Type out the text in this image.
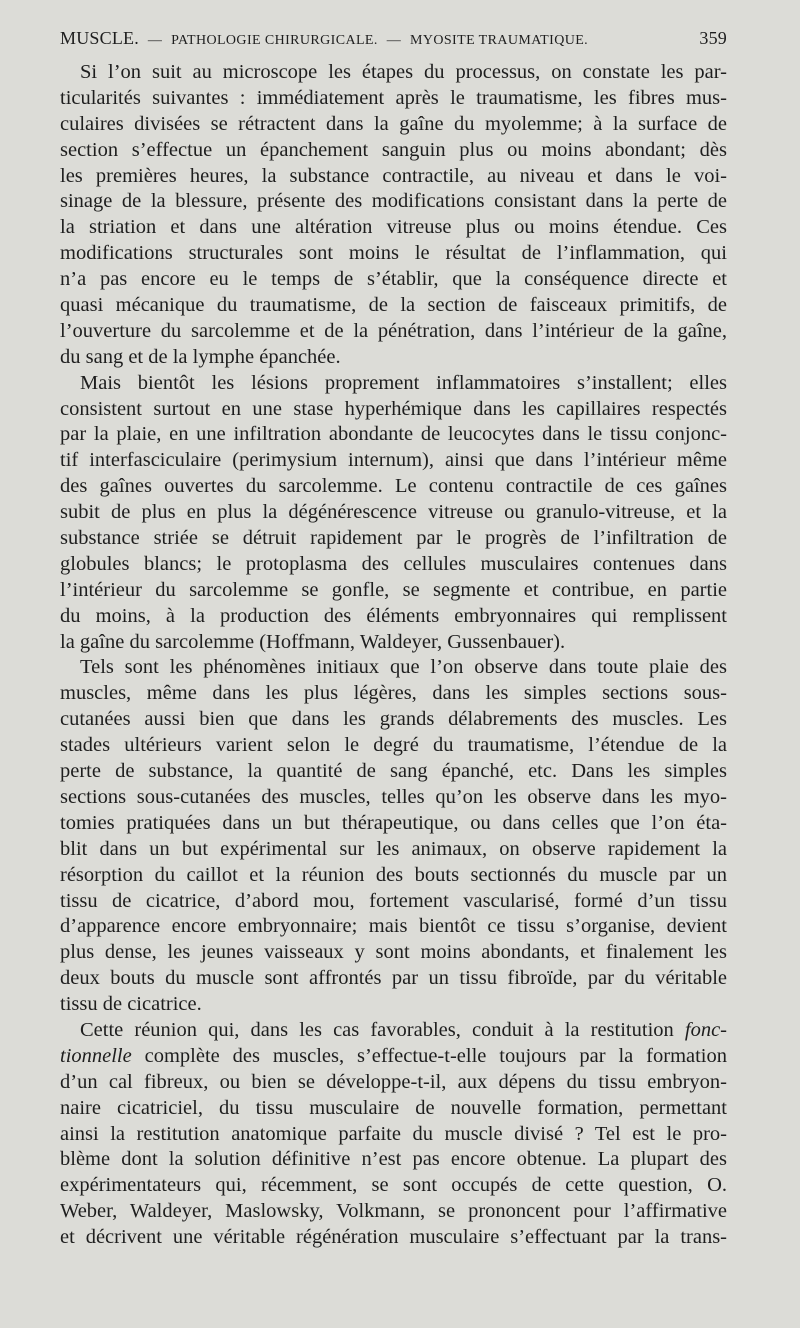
MUSCLE. — PATHOLOGIE CHIRURGICALE. — MYOSITE TRAUMATIQUE.	359

Si l’on suit au microscope les étapes du processus, on constate les par-
ticularités suivantes : immédiatement après le traumatisme, les fibres mus-
culaires divisées se rétractent dans la gaîne du myolemme; à la surface de
section s’effectue un épanchement sanguin plus ou moins abondant; dès
les premières heures, la substance contractile, au niveau et dans le voi-
sinage de la blessure, présente des modifications consistant dans la perte de
la striation et dans une altération vitreuse plus ou moins étendue. Ces
modifications structurales sont moins le résultat de l’inflammation, qui
n’a pas encore eu le temps de s’établir, que la conséquence directe et
quasi mécanique du traumatisme, de la section de faisceaux primitifs, de
l’ouverture du sarcolemme et de la pénétration, dans l’intérieur de la gaîne,
du sang et de la lymphe épanchée.

Mais bientôt les lésions proprement inflammatoires s’installent; elles
consistent surtout en une stase hyperhémique dans les capillaires respectés
par la plaie, en une infiltration abondante de leucocytes dans le tissu conjonc-
tif interfasciculaire (perimysium internum), ainsi que dans l’intérieur même
des gaînes ouvertes du sarcolemme. Le contenu contractile de ces gaînes
subit de plus en plus la dégénérescence vitreuse ou granulo-vitreuse, et la
substance striée se détruit rapidement par le progrès de l’infiltration de
globules blancs; le protoplasma des cellules musculaires contenues dans
l’intérieur du sarcolemme se gonfle, se segmente et contribue, en partie
du moins, à la production des éléments embryonnaires qui remplissent
la gaîne du sarcolemme (Hoffmann, Waldeyer, Gussenbauer).

Tels sont les phénomènes initiaux que l’on observe dans toute plaie des
muscles, même dans les plus légères, dans les simples sections sous-
cutanées aussi bien que dans les grands délabrements des muscles. Les
stades ultérieurs varient selon le degré du traumatisme, l’étendue de la
perte de substance, la quantité de sang épanché, etc. Dans les simples
sections sous-cutanées des muscles, telles qu’on les observe dans les myo-
tomies pratiquées dans un but thérapeutique, ou dans celles que l’on éta-
blit dans un but expérimental sur les animaux, on observe rapidement la
résorption du caillot et la réunion des bouts sectionnés du muscle par un
tissu de cicatrice, d’abord mou, fortement vascularisé, formé d’un tissu
d’apparence encore embryonnaire; mais bientôt ce tissu s’organise, devient
plus dense, les jeunes vaisseaux y sont moins abondants, et finalement les
deux bouts du muscle sont affrontés par un tissu fibroïde, par du véritable
tissu de cicatrice.

Cette réunion qui, dans les cas favorables, conduit à la restitution fonc-
tionnelle complète des muscles, s’effectue-t-elle toujours par la formation
d’un cal fibreux, ou bien se développe-t-il, aux dépens du tissu embryon-
naire cicatriciel, du tissu musculaire de nouvelle formation, permettant
ainsi la restitution anatomique parfaite du muscle divisé ? Tel est le pro-
blème dont la solution définitive n’est pas encore obtenue. La plupart des
expérimentateurs qui, récemment, se sont occupés de cette question, O.
Weber, Waldeyer, Maslowsky, Volkmann, se prononcent pour l’affirmative
et décrivent une véritable régénération musculaire s’effectuant par la trans-
